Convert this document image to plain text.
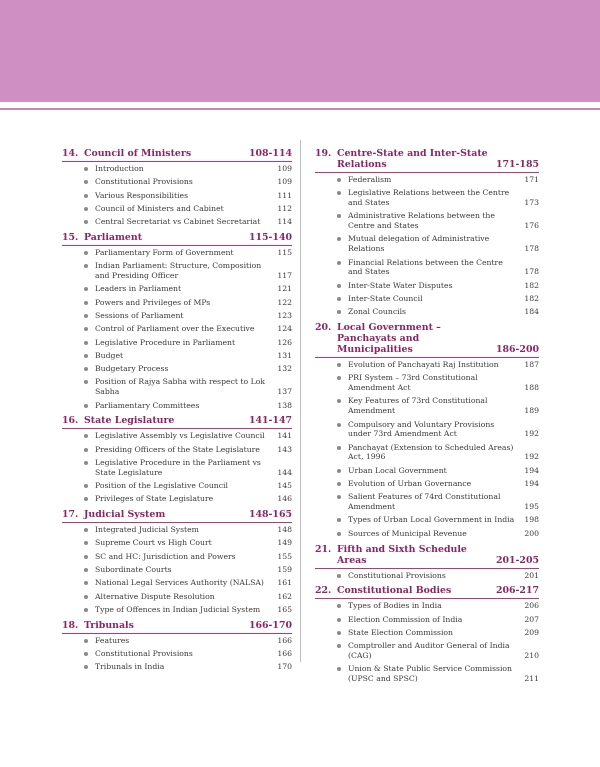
14. Council of Ministers	108-114
Introduction	109
Constitutional Provisions	109
Various Responsibilities	111
Council of Ministers and Cabinet	112
Central Secretariat vs Cabinet Secretariat	114
15. Parliament	115-140
Parliamentary Form of Government	115
Indian Parliament: Structure, Composition and Presiding Officer	117
Leaders in Parliament	121
Powers and Privileges of MPs	122
Sessions of Parliament	123
Control of Parliament over the Executive	124
Legislative Procedure in Parliament	126
Budget	131
Budgetary Process	132
Position of Rajya Sabha with respect to Lok Sabha	137
Parliamentary Committees	138
16. State Legislature	141-147
Legislative Assembly vs Legislative Council	141
Presiding Officers of the State Legislature	143
Legislative Procedure in the Parliament vs State Legislature	144
Position of the Legislative Council	145
Privileges of State Legislature	146
17. Judicial System	148-165
Integrated Judicial System	148
Supreme Court vs High Court	149
SC and HC: Jurisdiction and Powers	155
Subordinate Courts	159
National Legal Services Authority (NALSA)	161
Alternative Dispute Resolution	162
Type of Offences in Indian Judicial System	165
18. Tribunals	166-170
Features	166
Constitutional Provisions	166
Tribunals in India	170
19. Centre-State and Inter-State Relations	171-185
Federalism	171
Legislative Relations between the Centre and States	173
Administrative Relations between the Centre and States	176
Mutual delegation of Administrative Relations	178
Financial Relations between the Centre and States	178
Inter-State Water Disputes	182
Inter-State Council	182
Zonal Councils	184
20. Local Government – Panchayats and Municipalities	186-200
Evolution of Panchayati Raj Institution	187
PRI System – 73rd Constitutional Amendment Act	188
Key Features of 73rd Constitutional Amendment	189
Compulsory and Voluntary Provisions under 73rd Amendment Act	192
Panchayat (Extension to Scheduled Areas) Act, 1996	192
Urban Local Government	194
Evolution of Urban Governance	194
Salient Features of 74rd Constitutional Amendment	195
Types of Urban Local Government in India	198
Sources of Municipal Revenue	200
21. Fifth and Sixth Schedule Areas	201-205
Constitutional Provisions	201
22. Constitutional Bodies	206-217
Types of Bodies in India	206
Election Commission of India	207
State Election Commission	209
Comptroller and Auditor General of India (CAG)	210
Union & State Public Service Commission (UPSC and SPSC)	211
